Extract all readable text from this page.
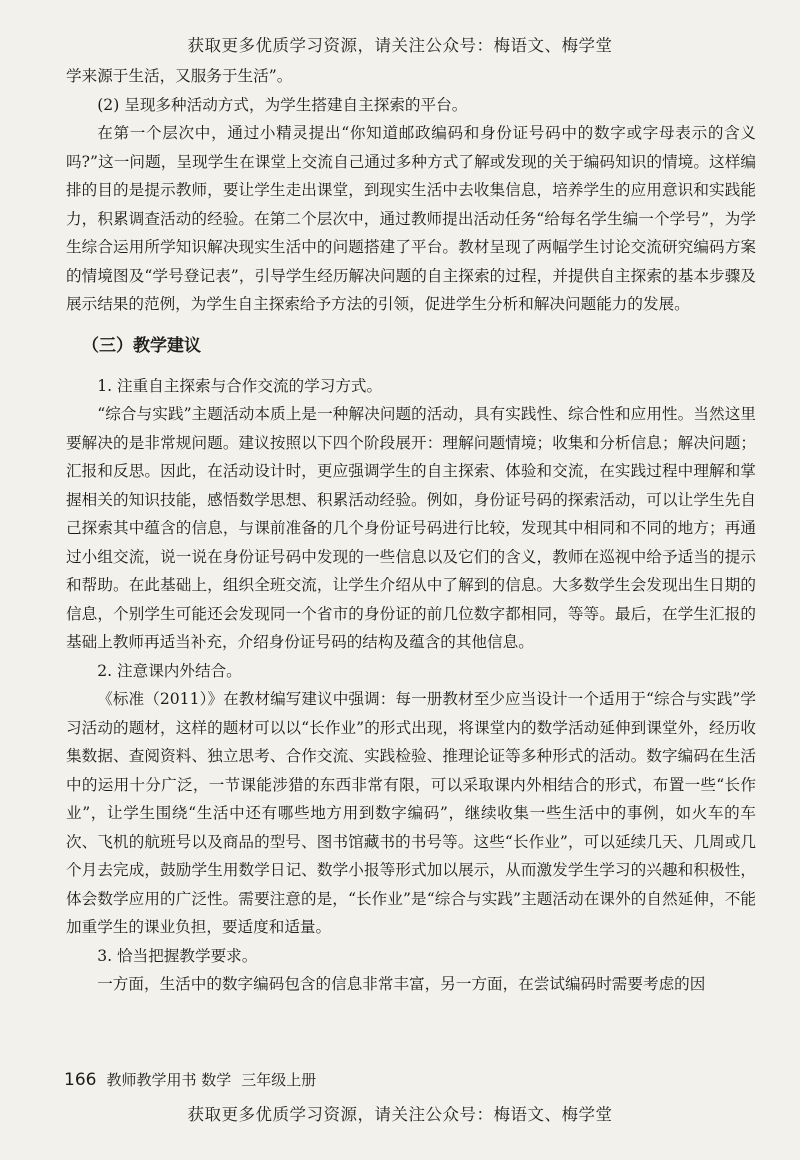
获取更多优质学习资源，请关注公众号：梅语文、梅学堂

学来源于生活，又服务于生活”。

(2) 呈现多种活动方式，为学生搭建自主探索的平台。

在第一个层次中，通过小精灵提出“你知道邮政编码和身份证号码中的数字或字母表示的含义吗?”这一问题，呈现学生在课堂上交流自己通过多种方式了解或发现的关于编码知识的情境。这样编排的目的是提示教师，要让学生走出课堂，到现实生活中去收集信息，培养学生的应用意识和实践能力，积累调查活动的经验。在第二个层次中，通过教师提出活动任务“给每名学生编一个学号”，为学生综合运用所学知识解决现实生活中的问题搭建了平台。教材呈现了两幅学生讨论交流研究编码方案的情境图及“学号登记表”，引导学生经历解决问题的自主探索的过程，并提供自主探索的基本步骤及展示结果的范例，为学生自主探索给予方法的引领，促进学生分析和解决问题能力的发展。

（三）教学建议

1. 注重自主探索与合作交流的学习方式。

“综合与实践”主题活动本质上是一种解决问题的活动，具有实践性、综合性和应用性。当然这里要解决的是非常规问题。建议按照以下四个阶段展开：理解问题情境；收集和分析信息；解决问题；汇报和反思。因此，在活动设计时，更应强调学生的自主探索、体验和交流，在实践过程中理解和掌握相关的知识技能，感悟数学思想、积累活动经验。例如，身份证号码的探索活动，可以让学生先自己探索其中蕴含的信息，与课前准备的几个身份证号码进行比较，发现其中相同和不同的地方；再通过小组交流，说一说在身份证号码中发现的一些信息以及它们的含义，教师在巡视中给予适当的提示和帮助。在此基础上，组织全班交流，让学生介绍从中了解到的信息。大多数学生会发现出生日期的信息，个别学生可能还会发现同一个省市的身份证的前几位数字都相同，等等。最后，在学生汇报的基础上教师再适当补充，介绍身份证号码的结构及蕴含的其他信息。

2. 注意课内外结合。

《标准（2011）》在教材编写建议中强调：每一册教材至少应当设计一个适用于“综合与实践”学习活动的题材，这样的题材可以以“长作业”的形式出现，将课堂内的数学活动延伸到课堂外，经历收集数据、查阅资料、独立思考、合作交流、实践检验、推理论证等多种形式的活动。数字编码在生活中的运用十分广泛，一节课能涉猎的东西非常有限，可以采取课内外相结合的形式，布置一些“长作业”，让学生围绕“生活中还有哪些地方用到数字编码”，继续收集一些生活中的事例，如火车的车次、飞机的航班号以及商品的型号、图书馆藏书的书号等。这些“长作业”，可以延续几天、几周或几个月去完成，鼓励学生用数学日记、数学小报等形式加以展示，从而激发学生学习的兴趣和积极性，体会数学应用的广泛性。需要注意的是，“长作业”是“综合与实践”主题活动在课外的自然延伸，不能加重学生的课业负担，要适度和适量。

3. 恰当把握教学要求。

一方面，生活中的数字编码包含的信息非常丰富，另一方面，在尝试编码时需要考虑的因

166 教师教学用书 数学 三年级上册
获取更多优质学习资源，请关注公众号：梅语文、梅学堂
